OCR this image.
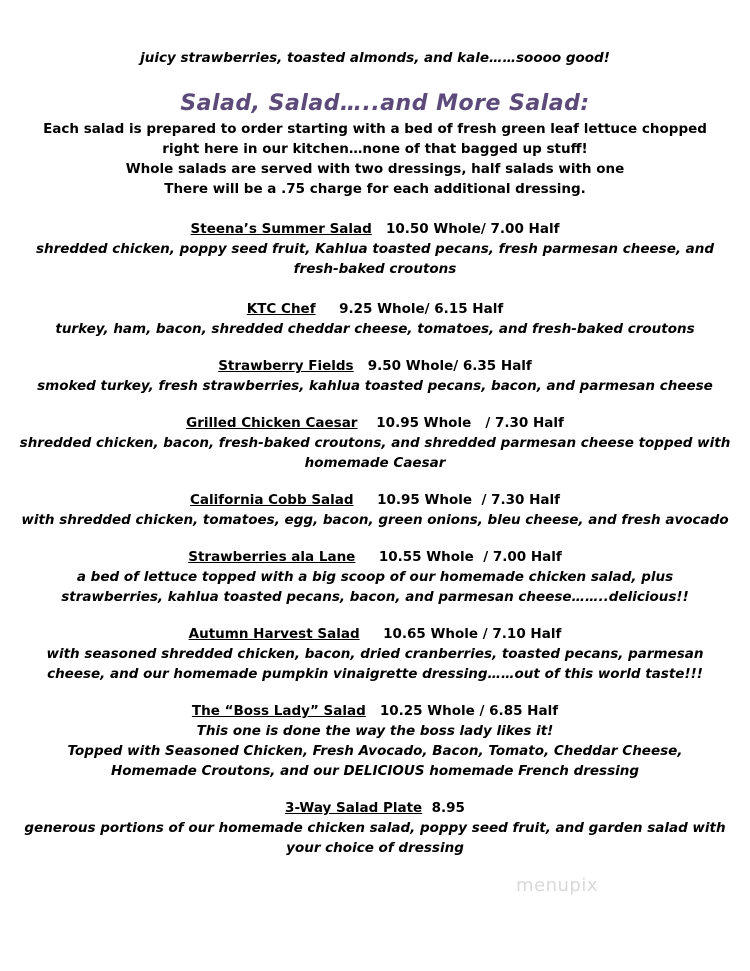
juicy strawberries, toasted almonds, and kale……soooo good!
Salad, Salad…..and More Salad:
Each salad is prepared to order starting with a bed of fresh green leaf lettuce chopped
right here in our kitchen…none of that bagged up stuff!
Whole salads are served with two dressings, half salads with one
There will be a .75 charge for each additional dressing.
Steena’s Summer Salad 10.50 Whole/ 7.00 Half
shredded chicken, poppy seed fruit, Kahlua toasted pecans, fresh parmesan cheese, and
fresh-baked croutons
KTC Chef 9.25 Whole/ 6.15 Half
turkey, ham, bacon, shredded cheddar cheese, tomatoes, and fresh-baked croutons
Strawberry Fields 9.50 Whole/ 6.35 Half
smoked turkey, fresh strawberries, kahlua toasted pecans, bacon, and parmesan cheese
Grilled Chicken Caesar 10.95 Whole   / 7.30 Half
shredded chicken, bacon, fresh-baked croutons, and shredded parmesan cheese topped with
homemade Caesar
California Cobb Salad 10.95 Whole  / 7.30 Half
with shredded chicken, tomatoes, egg, bacon, green onions, bleu cheese, and fresh avocado
Strawberries ala Lane 10.55 Whole  / 7.00 Half
a bed of lettuce topped with a big scoop of our homemade chicken salad, plus
strawberries, kahlua toasted pecans, bacon, and parmesan cheese……..delicious!!
Autumn Harvest Salad 10.65 Whole / 7.10 Half
with seasoned shredded chicken, bacon, dried cranberries, toasted pecans, parmesan
cheese, and our homemade pumpkin vinaigrette dressing……out of this world taste!!!
The “Boss Lady” Salad 10.25 Whole / 6.85 Half
This one is done the way the boss lady likes it!
Topped with Seasoned Chicken, Fresh Avocado, Bacon, Tomato, Cheddar Cheese,
Homemade Croutons, and our DELICIOUS homemade French dressing
3-Way Salad Plate 8.95
generous portions of our homemade chicken salad, poppy seed fruit, and garden salad with
your choice of dressing
menupix
